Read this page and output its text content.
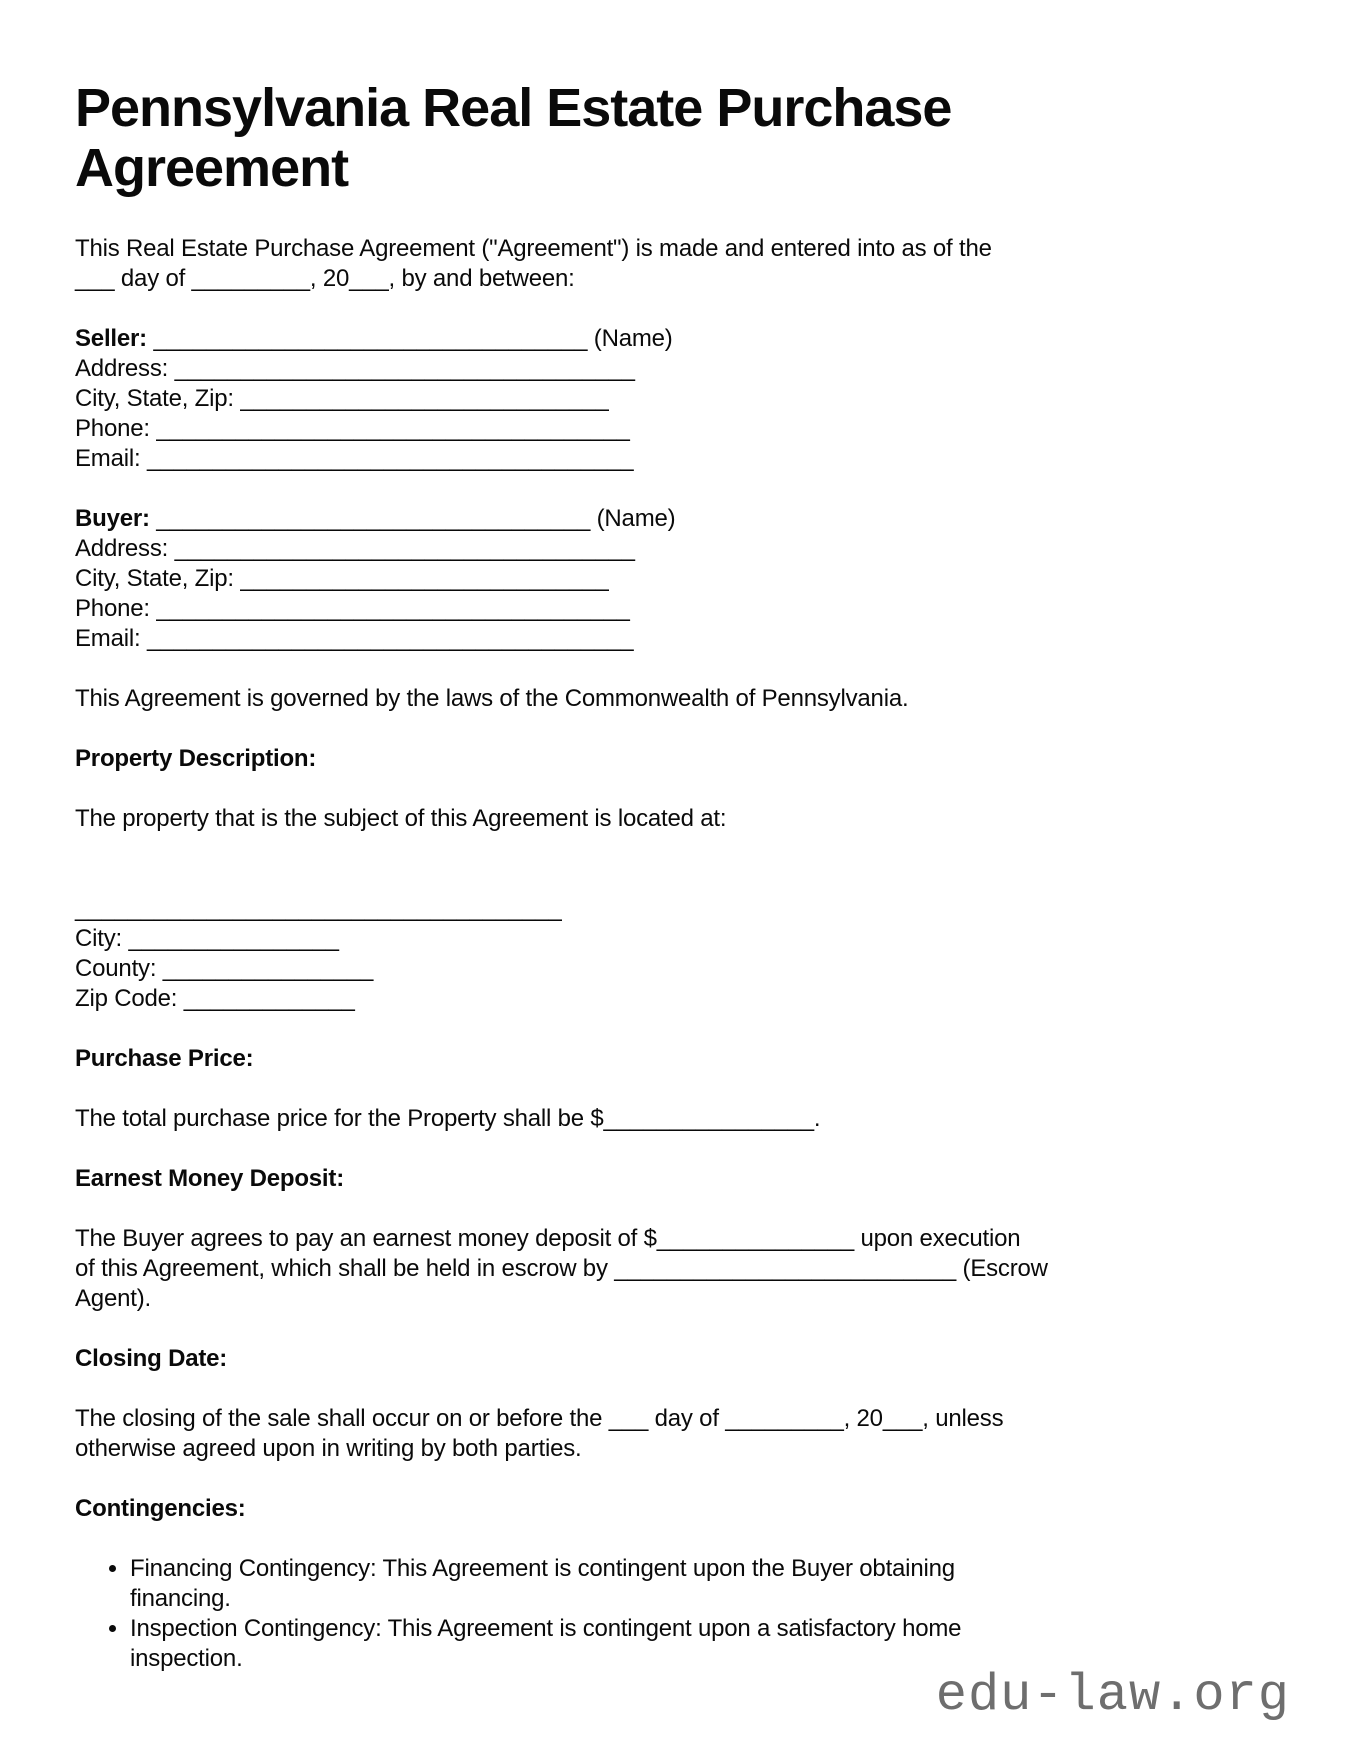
Pennsylvania Real Estate Purchase Agreement
This Real Estate Purchase Agreement ("Agreement") is made and entered into as of the
___ day of _________, 20___, by and between:
Seller: _________________________________ (Name)
Address: ___________________________________
City, State, Zip: ____________________________
Phone: ____________________________________
Email: _____________________________________
Buyer: _________________________________ (Name)
Address: ___________________________________
City, State, Zip: ____________________________
Phone: ____________________________________
Email: _____________________________________
This Agreement is governed by the laws of the Commonwealth of Pennsylvania.
Property Description:
The property that is the subject of this Agreement is located at:
_____________________________________
City: ________________
County: ________________
Zip Code: _____________
Purchase Price:
The total purchase price for the Property shall be $________________.
Earnest Money Deposit:
The Buyer agrees to pay an earnest money deposit of $_______________ upon execution
of this Agreement, which shall be held in escrow by __________________________ (Escrow
Agent).
Closing Date:
The closing of the sale shall occur on or before the ___ day of _________, 20___, unless
otherwise agreed upon in writing by both parties.
Contingencies:
• Financing Contingency: This Agreement is contingent upon the Buyer obtaining
financing.
• Inspection Contingency: This Agreement is contingent upon a satisfactory home
inspection.
edu-law.org
